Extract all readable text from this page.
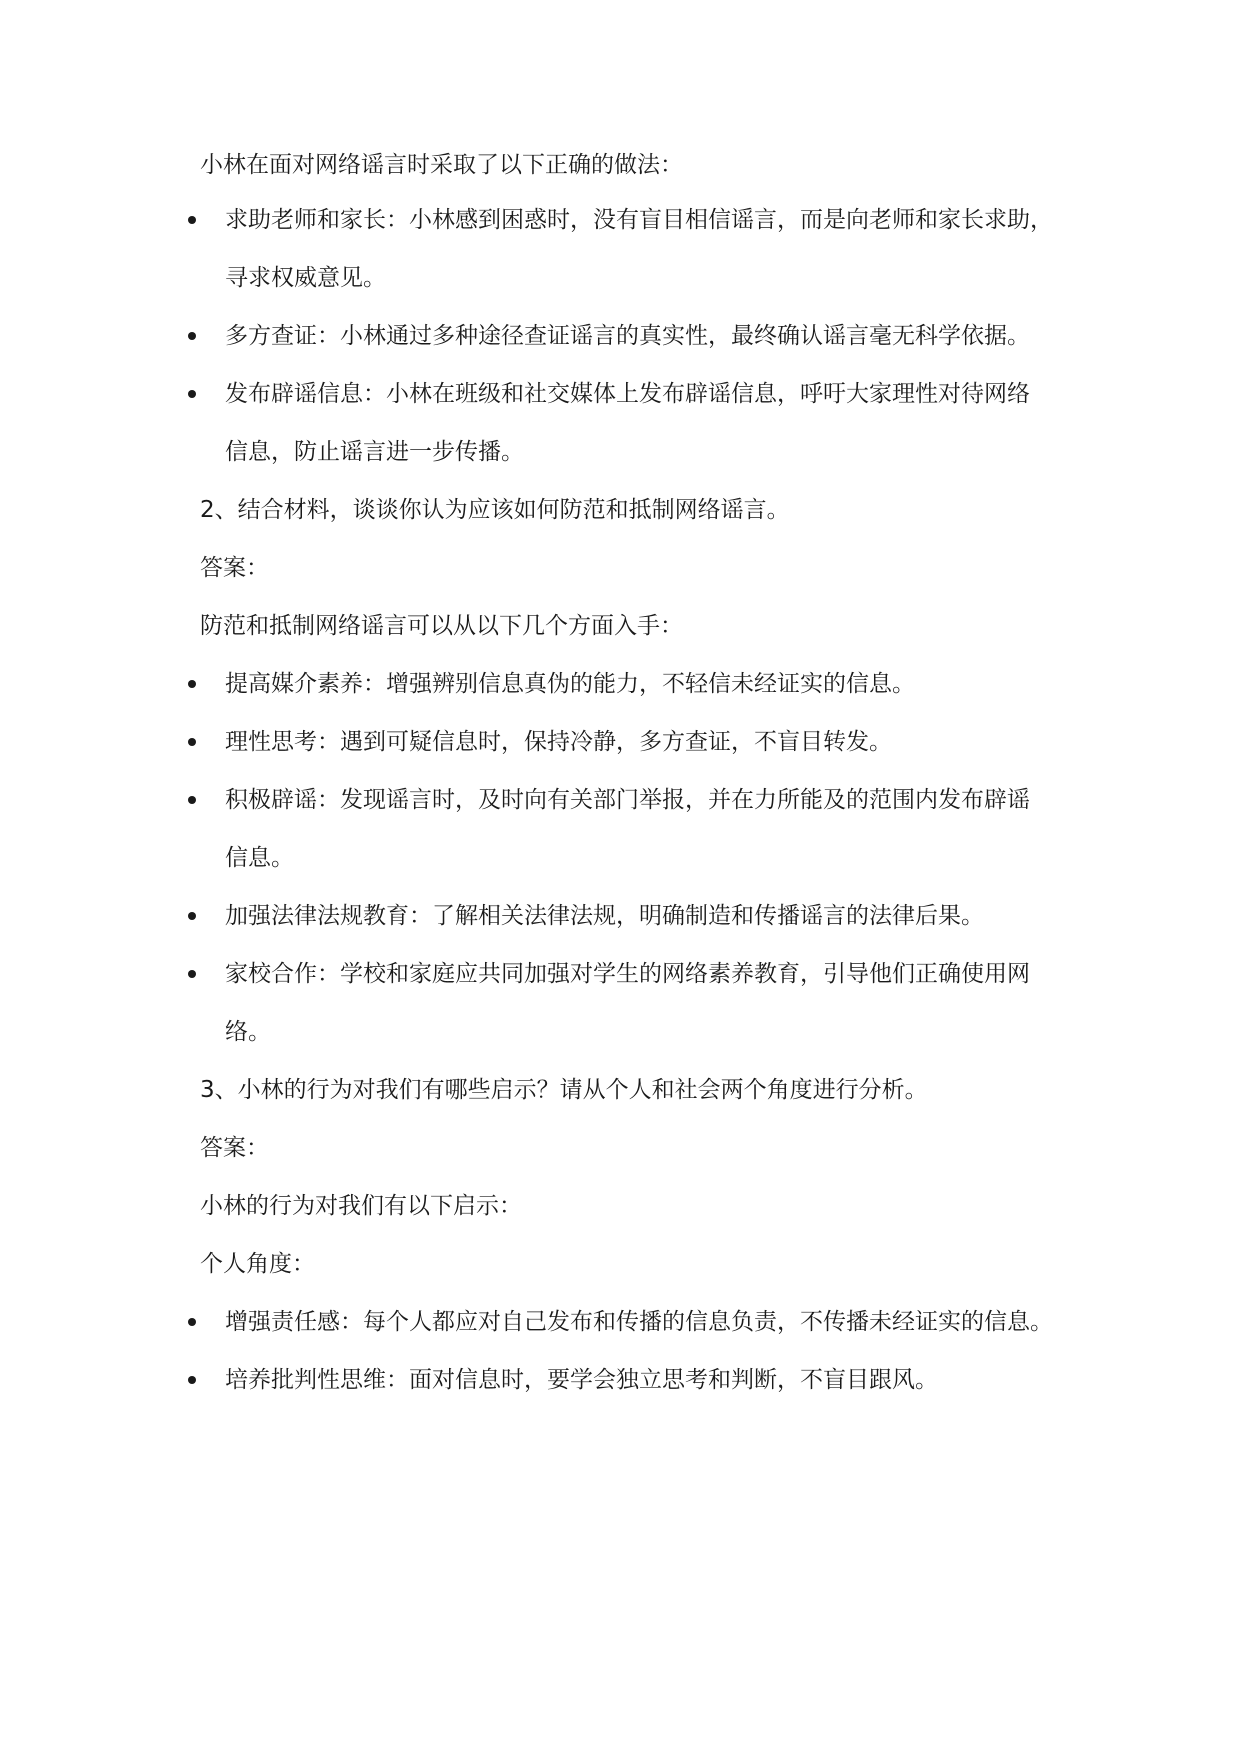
小林在面对网络谣言时采取了以下正确的做法：
求助老师和家长：小林感到困惑时，没有盲目相信谣言，而是向老师和家长求助，
寻求权威意见。
多方查证：小林通过多种途径查证谣言的真实性，最终确认谣言毫无科学依据。
发布辟谣信息：小林在班级和社交媒体上发布辟谣信息，呼吁大家理性对待网络
信息，防止谣言进一步传播。
2、结合材料，谈谈你认为应该如何防范和抵制网络谣言。
答案：
防范和抵制网络谣言可以从以下几个方面入手：
提高媒介素养：增强辨别信息真伪的能力，不轻信未经证实的信息。
理性思考：遇到可疑信息时，保持冷静，多方查证，不盲目转发。
积极辟谣：发现谣言时，及时向有关部门举报，并在力所能及的范围内发布辟谣
信息。
加强法律法规教育：了解相关法律法规，明确制造和传播谣言的法律后果。
家校合作：学校和家庭应共同加强对学生的网络素养教育，引导他们正确使用网
络。
3、小林的行为对我们有哪些启示？请从个人和社会两个角度进行分析。
答案：
小林的行为对我们有以下启示：
个人角度：
增强责任感：每个人都应对自己发布和传播的信息负责，不传播未经证实的信息。
培养批判性思维：面对信息时，要学会独立思考和判断，不盲目跟风。
